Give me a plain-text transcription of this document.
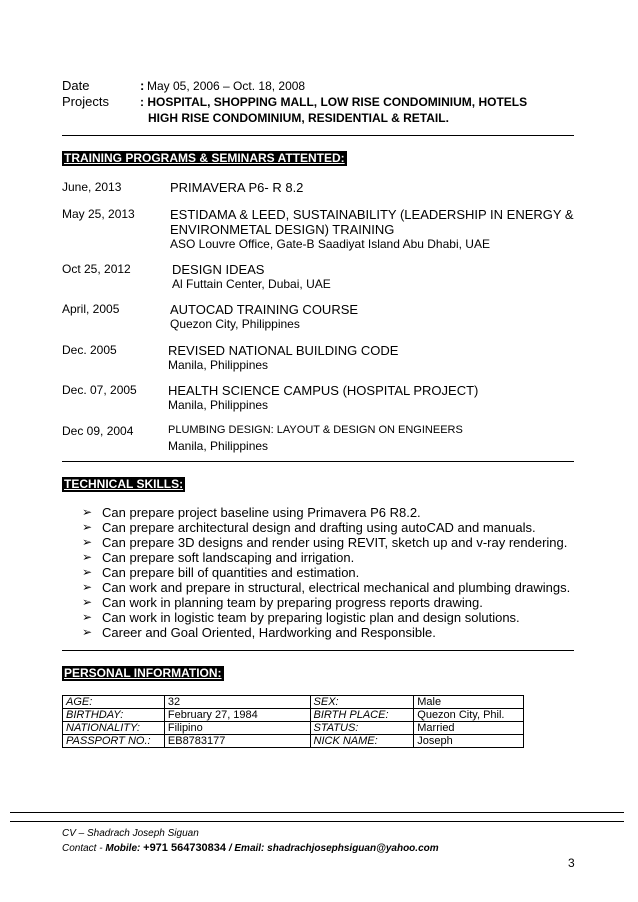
Date	: May 05, 2006 – Oct. 18, 2008
Projects	: HOSPITAL, SHOPPING MALL, LOW RISE CONDOMINIUM, HOTELS
HIGH RISE CONDOMINIUM, RESIDENTIAL & RETAIL.
TRAINING PROGRAMS & SEMINARS ATTENTED:
June, 2013	PRIMAVERA P6- R 8.2
May 25, 2013	ESTIDAMA & LEED, SUSTAINABILITY (LEADERSHIP IN ENERGY &
ENVIRONMETAL DESIGN) TRAINING
ASO Louvre Office, Gate-B Saadiyat Island Abu Dhabi, UAE
Oct 25, 2012	DESIGN IDEAS
Al Futtain Center, Dubai, UAE
April, 2005	AUTOCAD TRAINING COURSE
Quezon City, Philippines
Dec. 2005	REVISED NATIONAL BUILDING CODE
Manila, Philippines
Dec. 07, 2005 HEALTH SCIENCE CAMPUS (HOSPITAL PROJECT)
Manila, Philippines
Dec 09, 2004	PLUMBING DESIGN: LAYOUT & DESIGN ON ENGINEERS
Manila, Philippines
TECHNICAL SKILLS:
➢ Can prepare project baseline using Primavera P6 R8.2.
➢ Can prepare architectural design and drafting using autoCAD and manuals.
➢ Can prepare 3D designs and render using REVIT, sketch up and v-ray rendering.
➢ Can prepare soft landscaping and irrigation.
➢ Can prepare bill of quantities and estimation.
➢ Can work and prepare in structural, electrical mechanical and plumbing drawings.
➢ Can work in planning team by preparing progress reports drawing.
➢ Can work in logistic team by preparing logistic plan and design solutions.
➢ Career and Goal Oriented, Hardworking and Responsible.
PERSONAL INFORMATION:
AGE:	32	SEX:	Male
BIRTHDAY:	February 27, 1984	BIRTH PLACE:	Quezon City, Phil.
NATIONALITY:	Filipino	STATUS:	Married
PASSPORT NO.:	EB8783177	NICK NAME:	Joseph
CV – Shadrach Joseph Siguan
Contact - Mobile: +971 564730834 / Email: shadrachjosephsiguan@yahoo.com
3
